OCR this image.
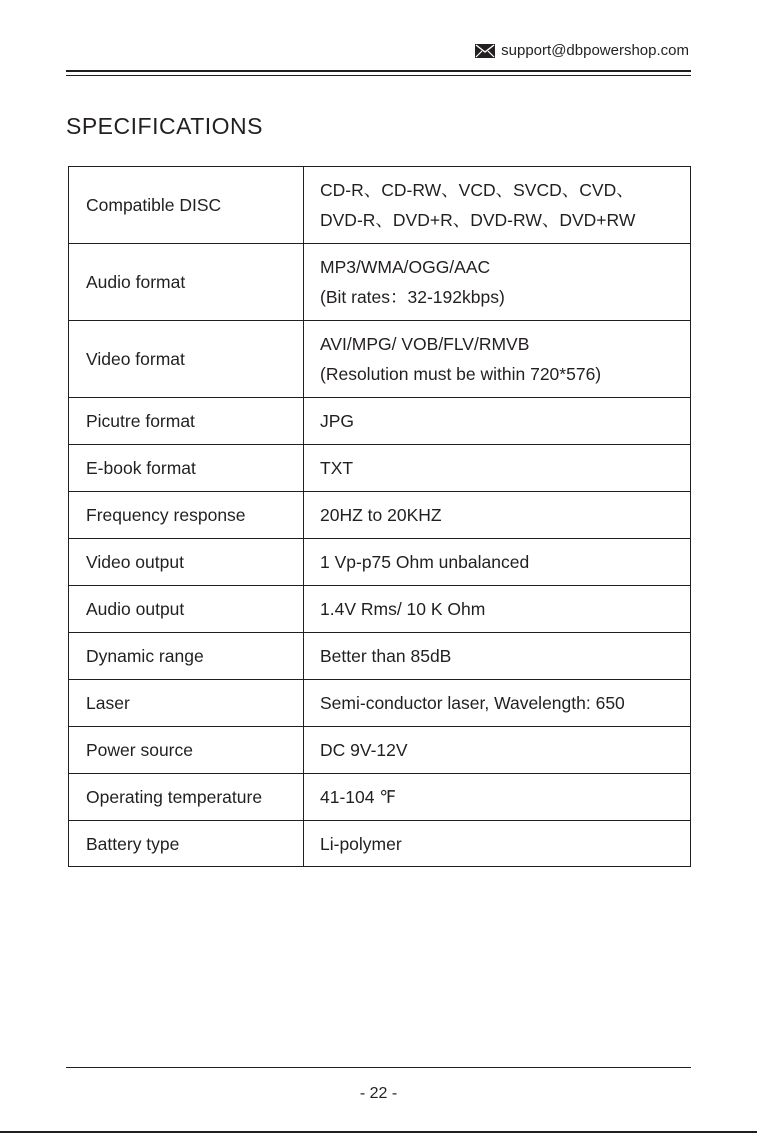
support@dbpowershop.com
SPECIFICATIONS
Compatible DISC	CD-R、CD-RW、VCD、SVCD、CVD、
DVD-R、DVD+R、DVD-RW、DVD+RW

Audio format	MP3/WMA/OGG/AAC
(Bit rates：32-192kbps)

Video format	AVI/MPG/ VOB/FLV/RMVB
(Resolution must be within 720*576)

Picutre format	JPG

E-book format	TXT

Frequency response	20HZ to 20KHZ

Video output	1 Vp-p75 Ohm unbalanced

Audio output	1.4V Rms/ 10 K Ohm

Dynamic range	Better than 85dB

Laser	Semi-conductor laser, Wavelength: 650

Power source	DC 9V-12V

Operating temperature	41-104 ℉

Battery type	Li-polymer
- 22 -
